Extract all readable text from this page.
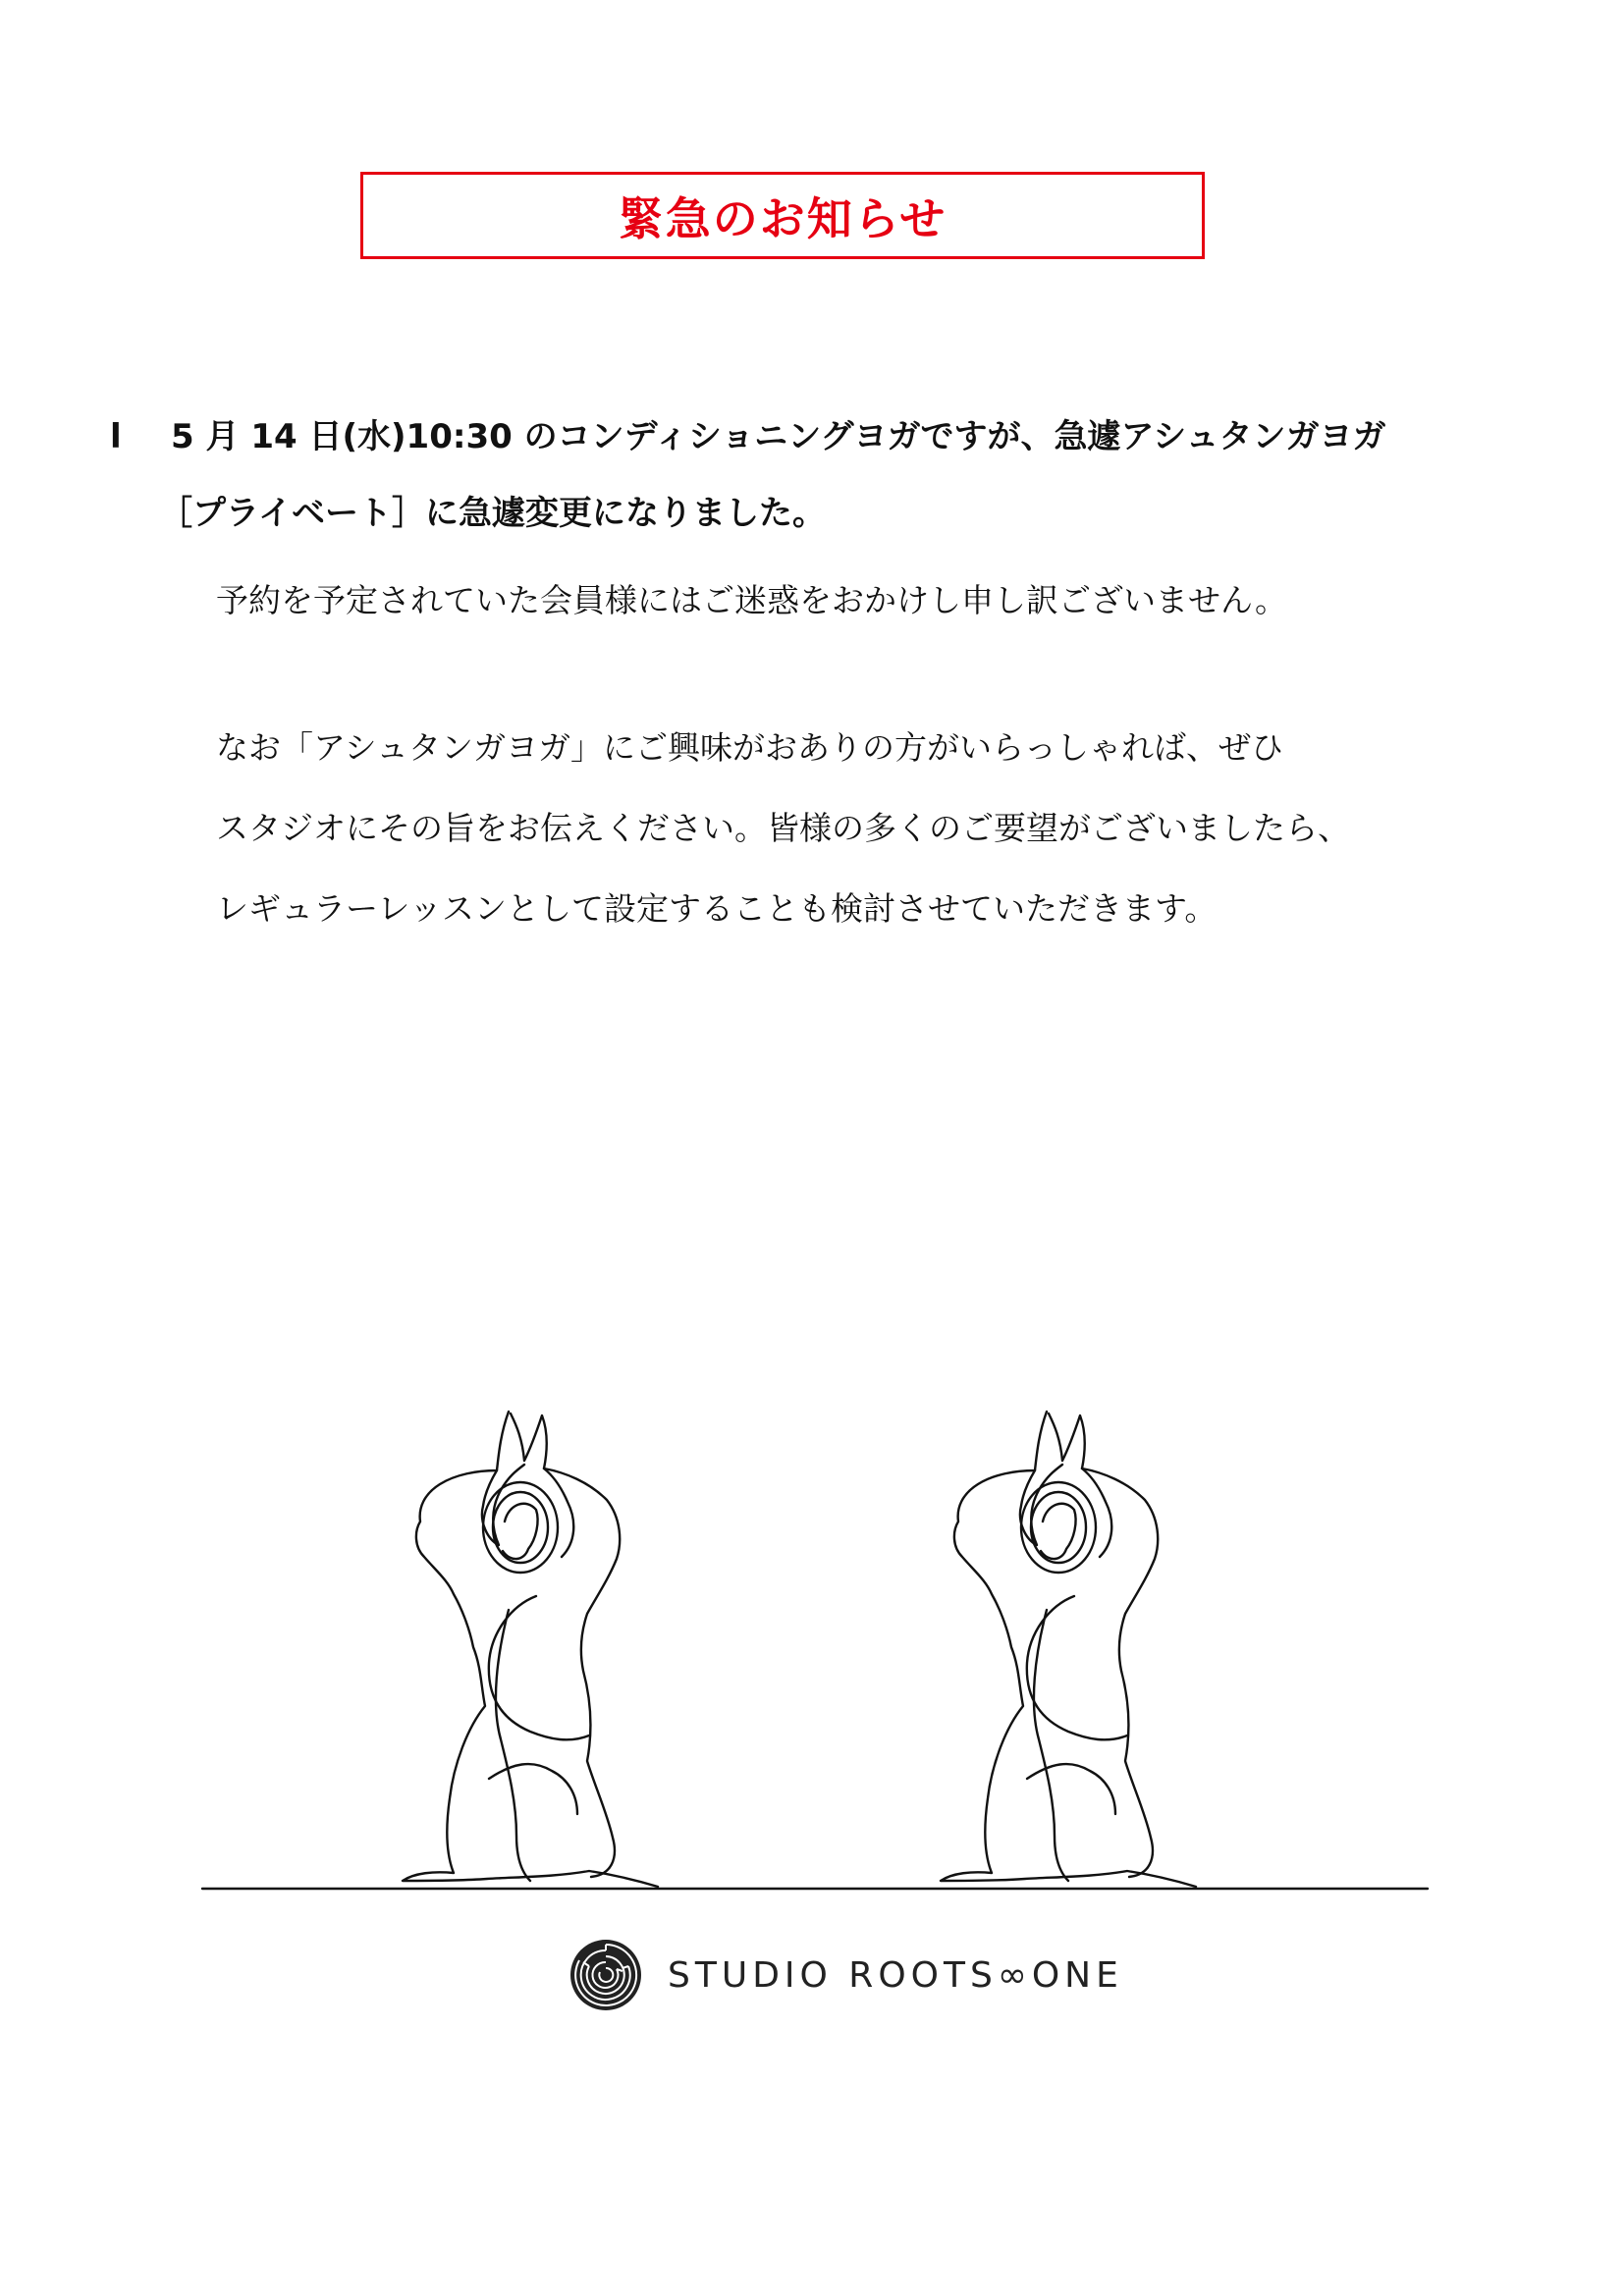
緊急のお知らせ
l	5 月 14 日(水)10:30 のコンディショニングヨガですが、急遽アシュタンガヨガ
［プライベート］に急遽変更になりました。
予約を予定されていた会員様にはご迷惑をおかけし申し訳ございません。
なお「アシュタンガヨガ」にご興味がおありの方がいらっしゃれば、ぜひ
スタジオにその旨をお伝えください。皆様の多くのご要望がございましたら、
レギュラーレッスンとして設定することも検討させていただきます。
STUDIO ROOTS∞ONE
